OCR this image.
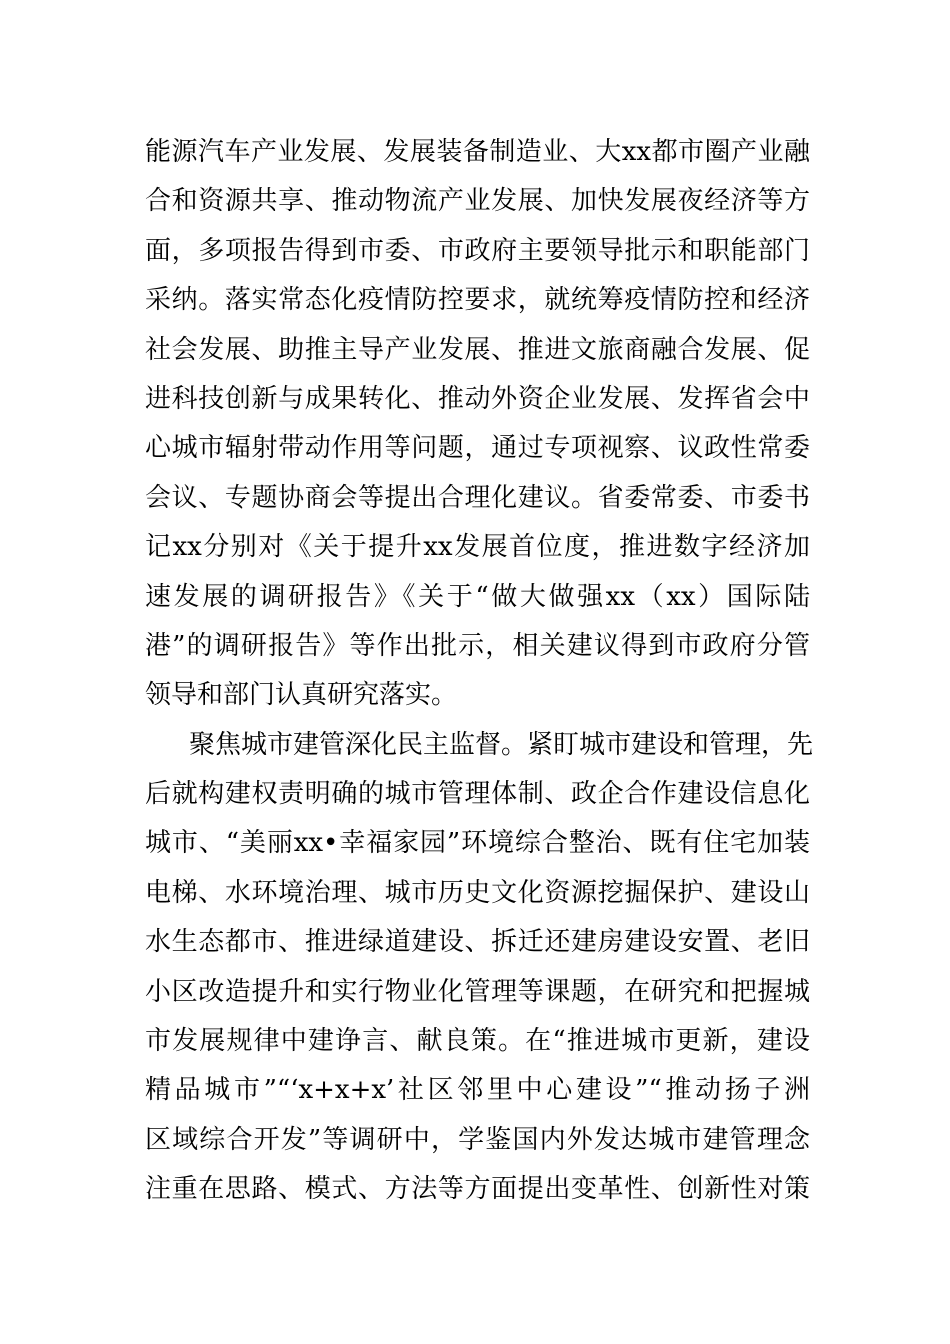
能源汽车产业发展、发展装备制造业、大xx都市圈产业融
合和资源共享、推动物流产业发展、加快发展夜经济等方
面，多项报告得到市委、市政府主要领导批示和职能部门
采纳。落实常态化疫情防控要求，就统筹疫情防控和经济
社会发展、助推主导产业发展、推进文旅商融合发展、促
进科技创新与成果转化、推动外资企业发展、发挥省会中
心城市辐射带动作用等问题，通过专项视察、议政性常委
会议、专题协商会等提出合理化建议。省委常委、市委书
记xx分别对《关于提升xx发展首位度，推进数字经济加
速发展的调研报告》《关于“做大做强xx（xx）国际陆
港”的调研报告》等作出批示，相关建议得到市政府分管
领导和部门认真研究落实。
聚焦城市建管深化民主监督。紧盯城市建设和管理，先
后就构建权责明确的城市管理体制、政企合作建设信息化
城市、“美丽xx•幸福家园”环境综合整治、既有住宅加装
电梯、水环境治理、城市历史文化资源挖掘保护、建设山
水生态都市、推进绿道建设、拆迁还建房建设安置、老旧
小区改造提升和实行物业化管理等课题，在研究和把握城
市发展规律中建诤言、献良策。在“推进城市更新，建设
精品城市”“‘x+x+x’社区邻里中心建设”“推动扬子洲
区域综合开发”等调研中，学鉴国内外发达城市建管理念
注重在思路、模式、方法等方面提出变革性、创新性对策
